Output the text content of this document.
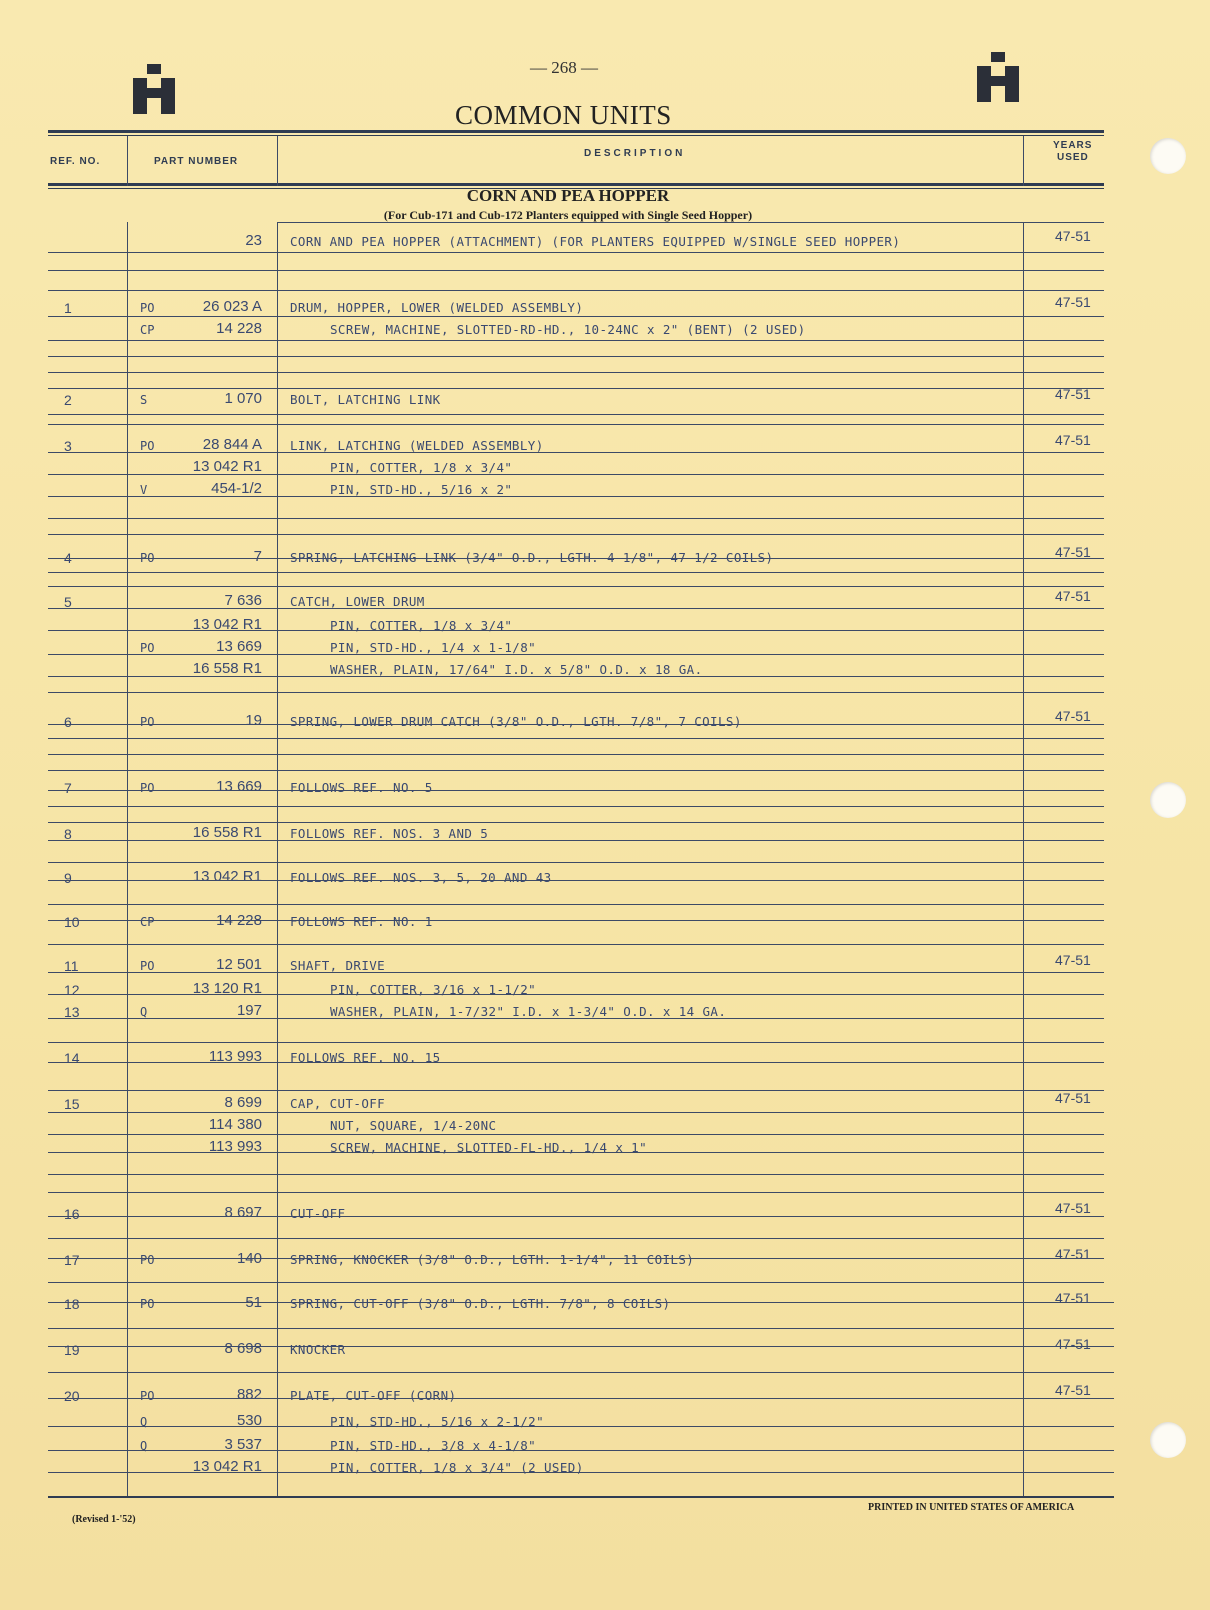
— 268 —
COMMON UNITS
REF. NO.	PART NUMBER
DESCRIPTION
YEARS
USED
CORN AND PEA HOPPER
(For Cub-171 and Cub-172 Planters equipped with Single Seed Hopper)
23 CORN AND PEA HOPPER (ATTACHMENT) (FOR PLANTERS EQUIPPED W/SINGLE SEED HOPPER)	47-51
1	PO	26 023 A DRUM, HOPPER, LOWER (WELDED ASSEMBLY)	47-51
CP	14 228	SCREW, MACHINE, SLOTTED-RD-HD., 10-24NC x 2" (BENT) (2 USED)
2	S	1 070 BOLT, LATCHING LINK	47-51
3	PO	28 844 A LINK, LATCHING (WELDED ASSEMBLY)	47-51
13 042 R1	PIN, COTTER, 1/8 x 3/4"
V	454-1/2	PIN, STD-HD., 5/16 x 2"
4	PO	7 SPRING, LATCHING LINK (3/4" O.D., LGTH. 4-1/8", 47-1/2 COILS)	47-51
5	7 636 CATCH, LOWER DRUM	47-51
13 042 R1	PIN, COTTER, 1/8 x 3/4"
PO	13 669	PIN, STD-HD., 1/4 x 1-1/8"
16 558 R1	WASHER, PLAIN, 17/64" I.D. x 5/8" O.D. x 18 GA.
6	PO	19 SPRING, LOWER DRUM CATCH (3/8" O.D., LGTH. 7/8", 7 COILS)	47-51
7	PO	13 669 FOLLOWS REF. NO. 5
8	16 558 R1 FOLLOWS REF. NOS. 3 AND 5
9	13 042 R1 FOLLOWS REF. NOS. 3, 5, 20 AND 43
10	CP	14 228 FOLLOWS REF. NO. 1
11	PO	12 501 SHAFT, DRIVE	47-51
12	13 120 R1	PIN, COTTER, 3/16 x 1-1/2"
13	Q	197	WASHER, PLAIN, 1-7/32" I.D. x 1-3/4" O.D. x 14 GA.
14	113 993 FOLLOWS REF. NO. 15
15	8 699 CAP, CUT-OFF	47-51
114 380	NUT, SQUARE, 1/4-20NC
113 993	SCREW, MACHINE, SLOTTED-FL-HD., 1/4 x 1"
16	8 697 CUT-OFF	47-51
17	PO	140 SPRING, KNOCKER (3/8" O.D., LGTH. 1-1/4", 11 COILS)	47-51
18	PO	51 SPRING, CUT-OFF (3/8" O.D., LGTH. 7/8", 8 COILS)	47-51
19	8 698 KNOCKER	47-51
20	PO	882 PLATE, CUT-OFF (CORN)	47-51
Q	530	PIN, STD-HD., 5/16 x 2-1/2"
Q	3 537	PIN, STD-HD., 3/8 x 4-1/8"
13 042 R1	PIN, COTTER, 1/8 x 3/4" (2 USED)
(Revised 1-'52)
PRINTED IN UNITED STATES OF AMERICA
